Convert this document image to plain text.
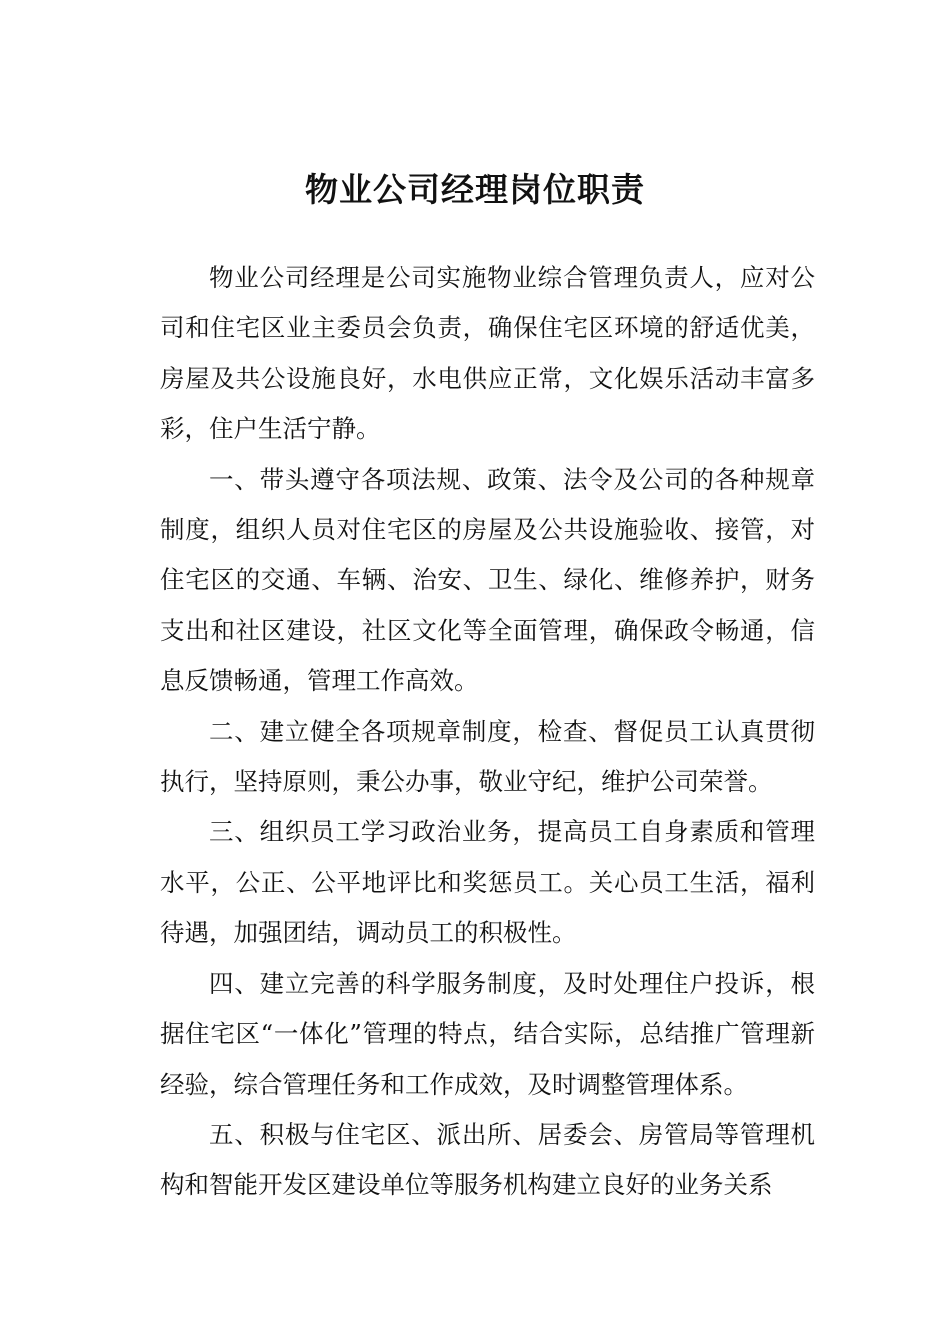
物业公司经理岗位职责

物业公司经理是公司实施物业综合管理负责人，应对公司和住宅区业主委员会负责，确保住宅区环境的舒适优美，房屋及共公设施良好，水电供应正常，文化娱乐活动丰富多彩，住户生活宁静。

一、带头遵守各项法规、政策、法令及公司的各种规章制度，组织人员对住宅区的房屋及公共设施验收、接管，对住宅区的交通、车辆、治安、卫生、绿化、维修养护，财务支出和社区建设，社区文化等全面管理，确保政令畅通，信息反馈畅通，管理工作高效。

二、建立健全各项规章制度，检查、督促员工认真贯彻执行，坚持原则，秉公办事，敬业守纪，维护公司荣誉。

三、组织员工学习政治业务，提高员工自身素质和管理水平，公正、公平地评比和奖惩员工。关心员工生活，福利待遇，加强团结，调动员工的积极性。

四、建立完善的科学服务制度，及时处理住户投诉，根据住宅区“一体化”管理的特点，结合实际，总结推广管理新经验，综合管理任务和工作成效，及时调整管理体系。

五、积极与住宅区、派出所、居委会、房管局等管理机构和智能开发区建设单位等服务机构建立良好的业务关系
